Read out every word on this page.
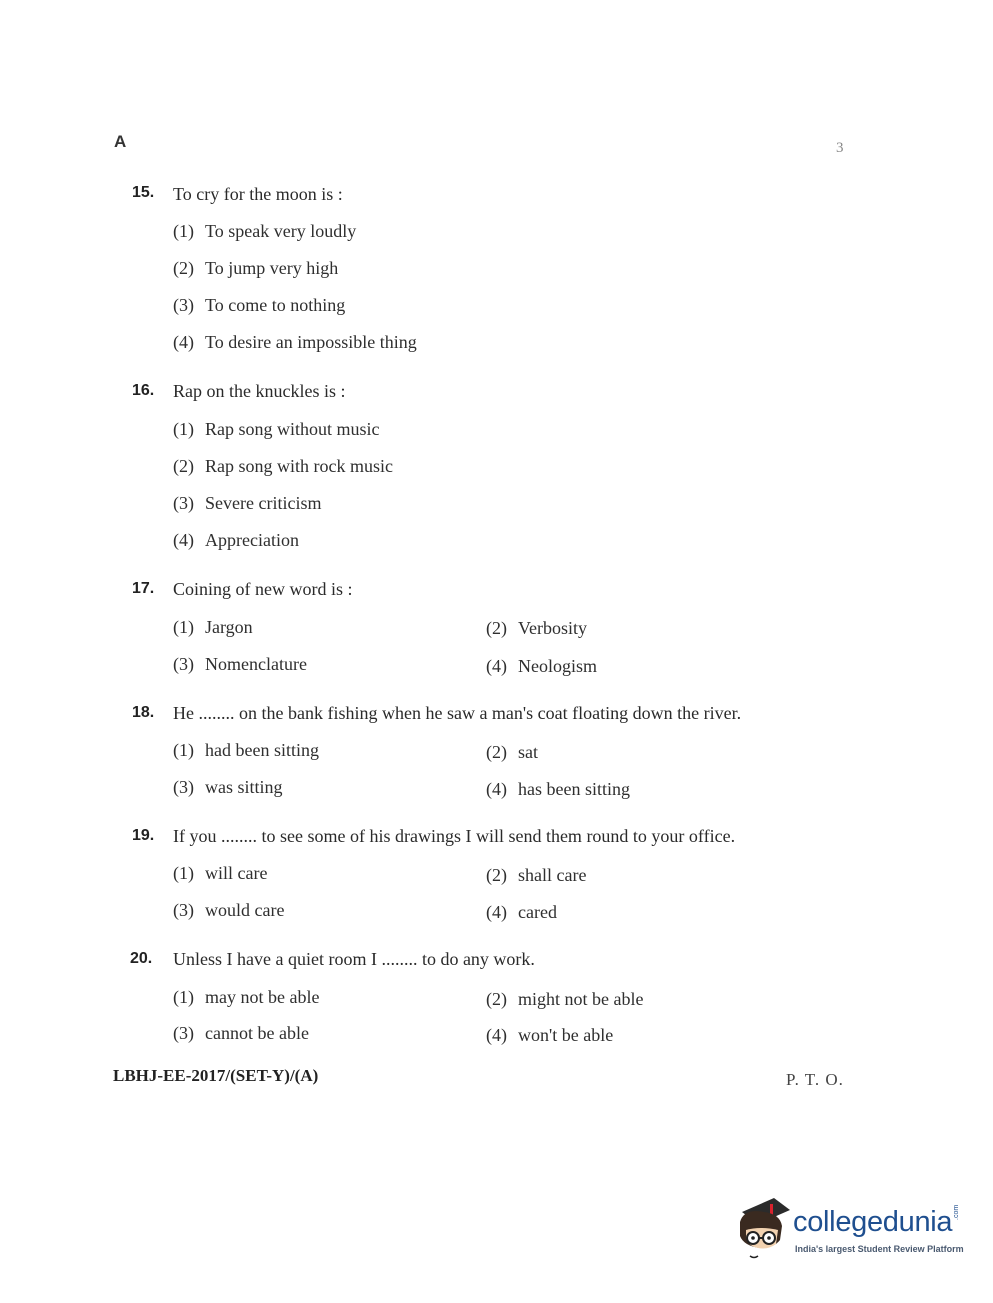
A	3
15. To cry for the moon is :
(1) To speak very loudly
(2) To jump very high
(3) To come to nothing
(4) To desire an impossible thing
16. Rap on the knuckles is :
(1) Rap song without music
(2) Rap song with rock music
(3) Severe criticism
(4) Appreciation
17. Coining of new word is :
(1) Jargon	(2) Verbosity
(3) Nomenclature	(4) Neologism
18. He ........ on the bank fishing when he saw a man's coat floating down the river.
(1) had been sitting	(2) sat
(3) was sitting	(4) has been sitting
19. If you ........ to see some of his drawings I will send them round to your office.
(1) will care	(2) shall care
(3) would care	(4) cared
20. Unless I have a quiet room I ........ to do any work.
(1) may not be able	(2) might not be able
(3) cannot be able	(4) won't be able
LBHJ-EE-2017/(SET-Y)/(A)	P. T. O.
collegedunia .com
India's largest Student Review Platform
